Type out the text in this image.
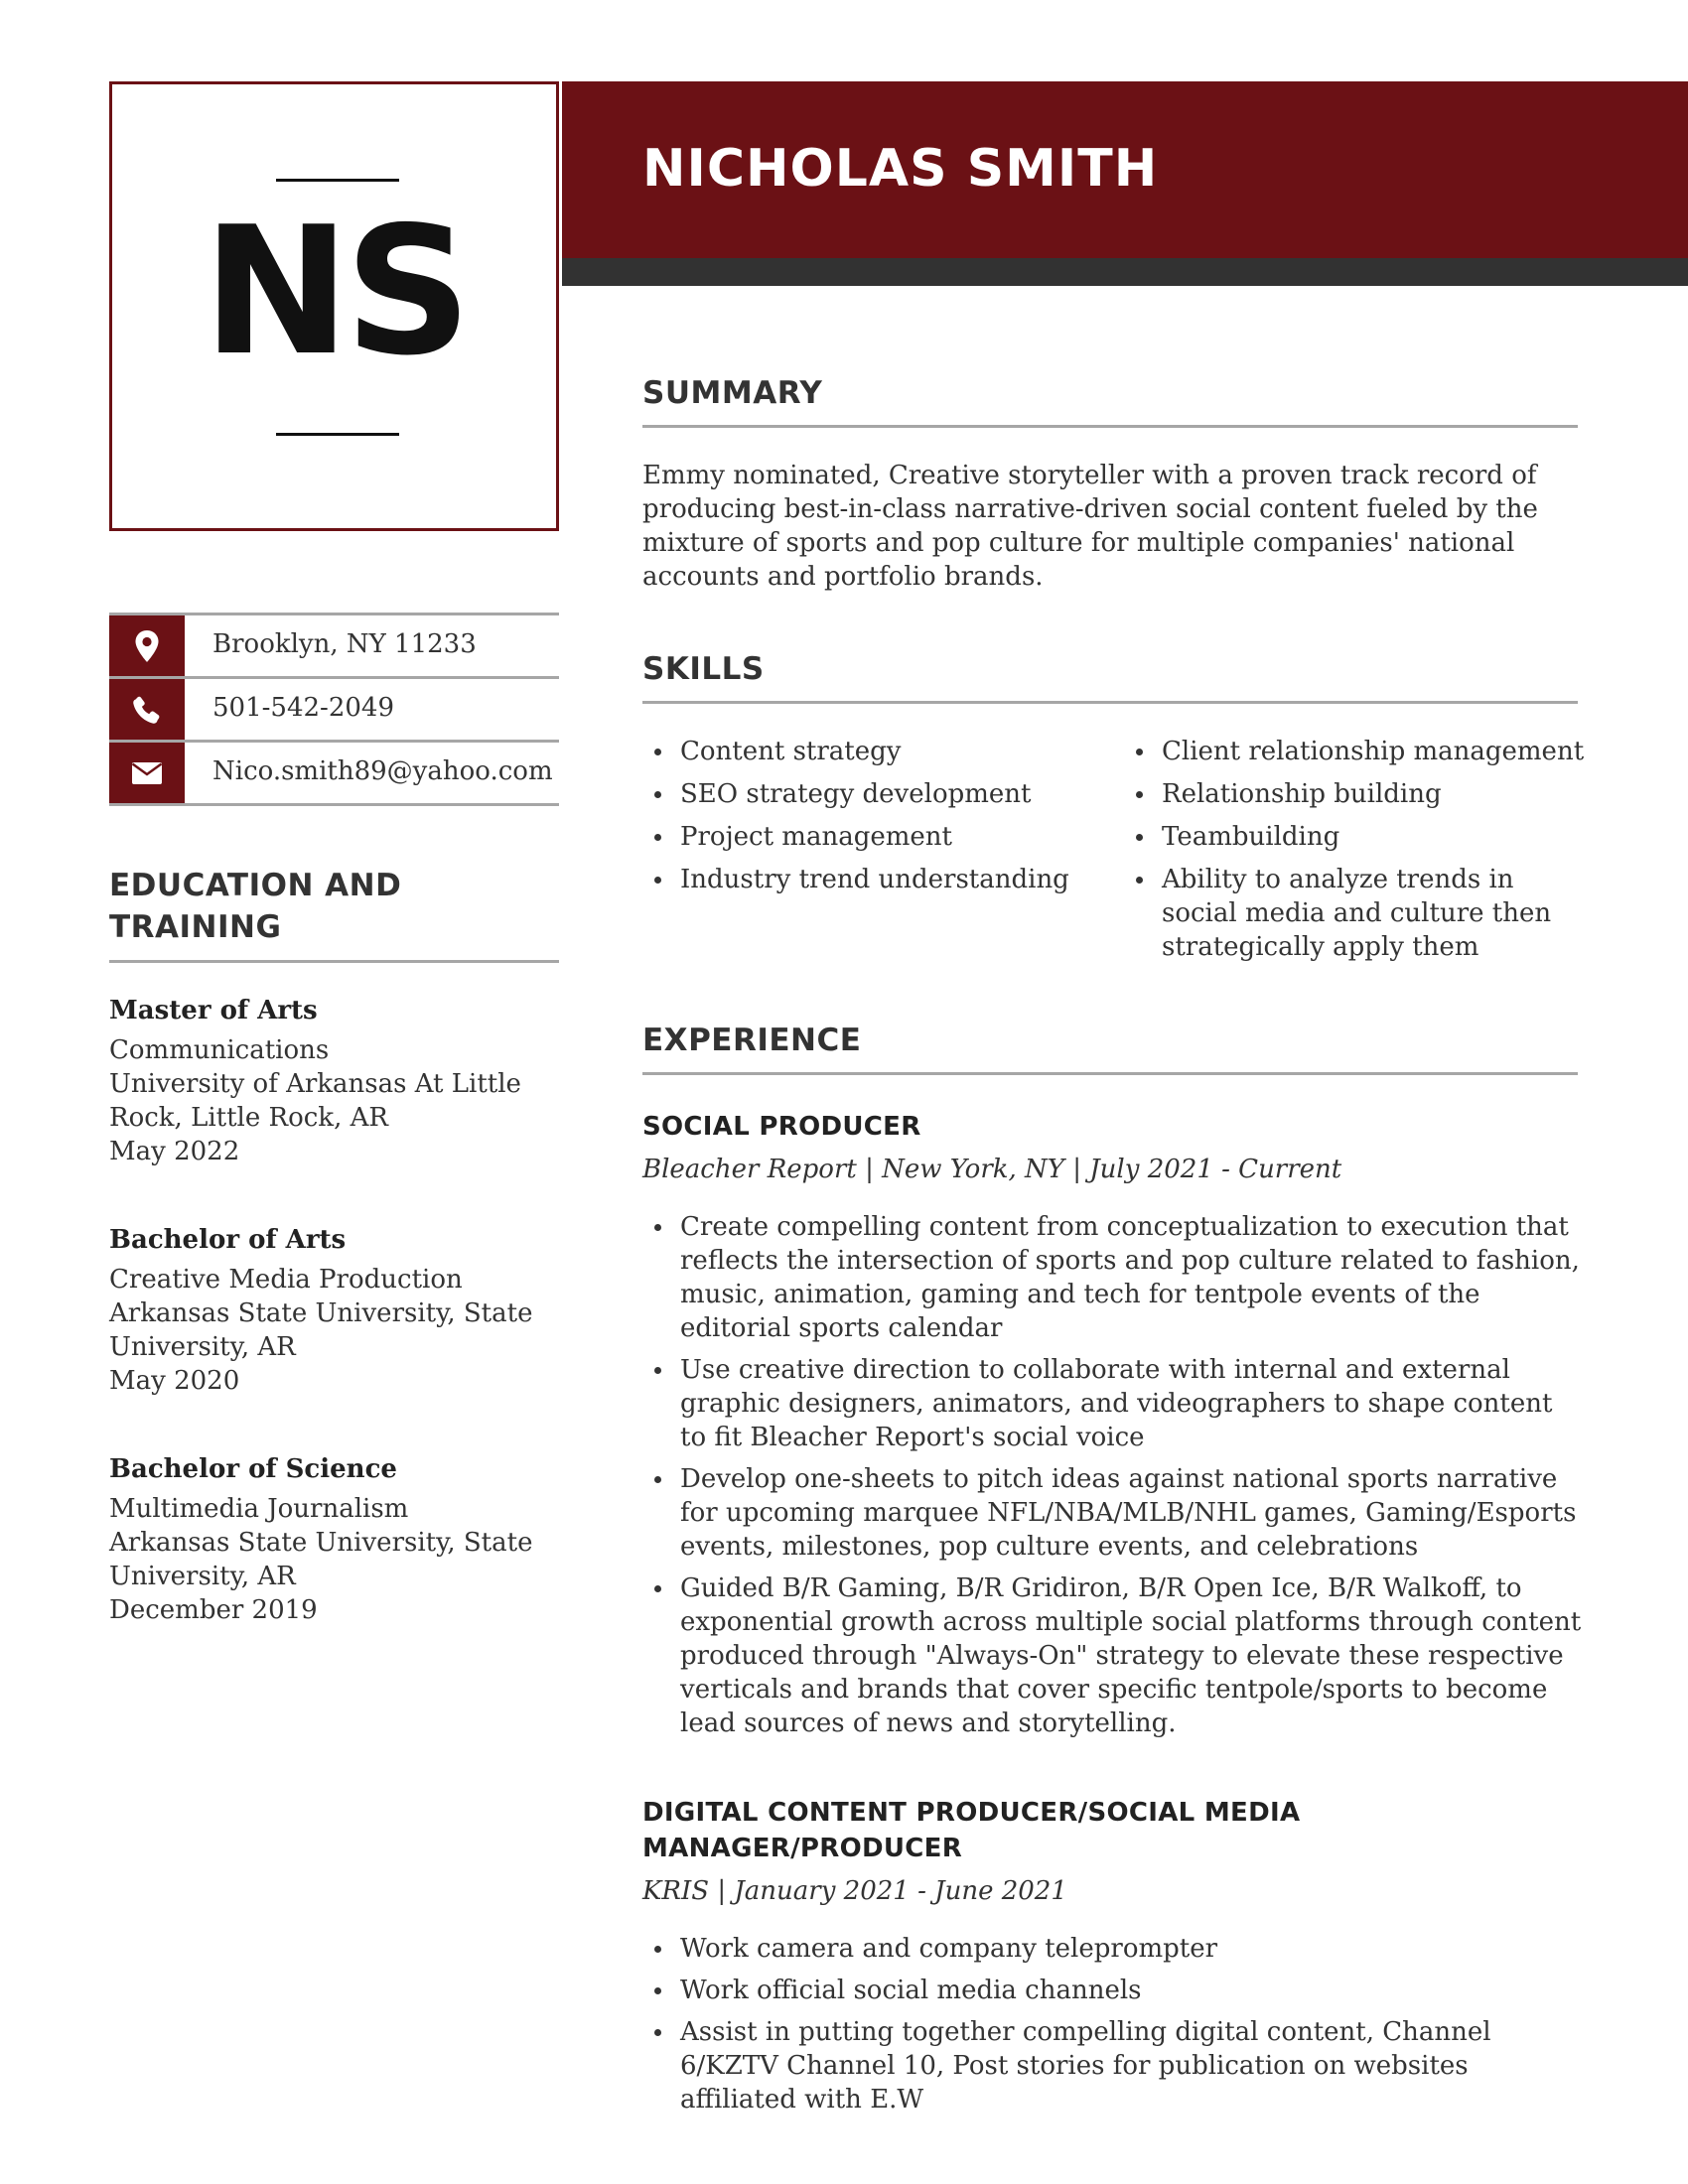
NS
NICHOLAS SMITH
Brooklyn, NY 11233
501-542-2049
Nico.smith89@yahoo.com
EDUCATION AND
TRAINING
Master of Arts
Communications
University of Arkansas At Little
Rock, Little Rock, AR
May 2022
Bachelor of Arts
Creative Media Production
Arkansas State University, State
University, AR
May 2020
Bachelor of Science
Multimedia Journalism
Arkansas State University, State
University, AR
December 2019
SUMMARY
Emmy nominated, Creative storyteller with a proven track record of producing best-in-class narrative-driven social content fueled by the mixture of sports and pop culture for multiple companies' national accounts and portfolio brands.
SKILLS
Content strategy
SEO strategy development
Project management
Industry trend understanding
Client relationship management
Relationship building
Teambuilding
Ability to analyze trends in social media and culture then strategically apply them
EXPERIENCE
SOCIAL PRODUCER
Bleacher Report | New York, NY | July 2021 - Current
Create compelling content from conceptualization to execution that reflects the intersection of sports and pop culture related to fashion, music, animation, gaming and tech for tentpole events of the editorial sports calendar
Use creative direction to collaborate with internal and external graphic designers, animators, and videographers to shape content to fit Bleacher Report's social voice
Develop one-sheets to pitch ideas against national sports narrative for upcoming marquee NFL/NBA/MLB/NHL games, Gaming/Esports events, milestones, pop culture events, and celebrations
Guided B/R Gaming, B/R Gridiron, B/R Open Ice, B/R Walkoff, to exponential growth across multiple social platforms through content produced through "Always-On" strategy to elevate these respective verticals and brands that cover specific tentpole/sports to become lead sources of news and storytelling.
DIGITAL CONTENT PRODUCER/SOCIAL MEDIA
MANAGER/PRODUCER
KRIS | January 2021 - June 2021
Work camera and company teleprompter
Work official social media channels
Assist in putting together compelling digital content, Channel 6/KZTV Channel 10, Post stories for publication on websites affiliated with E.W
